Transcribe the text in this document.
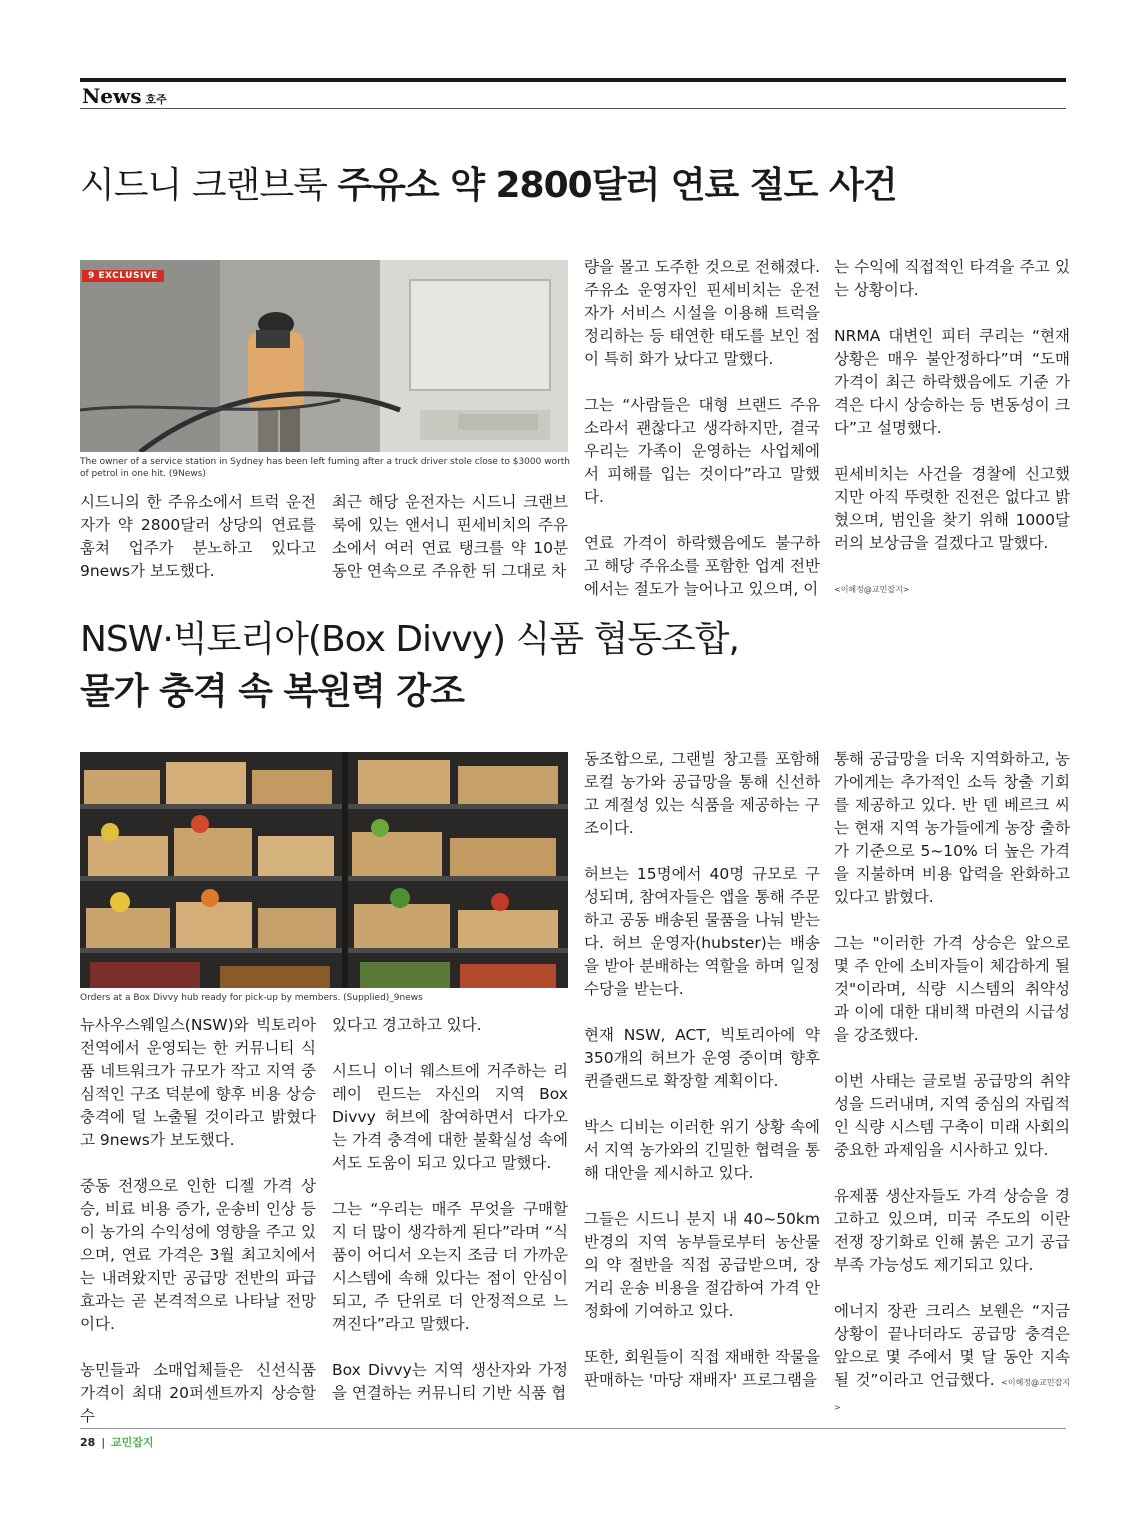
News 호주
시드니 크랜브룩 주유소 약 2800달러 연료 절도 사건
9 EXCLUSIVE
The owner of a service station in Sydney has been left fuming after a truck driver stole close to $3000 worth of petrol in one hit. (9News)

시드니의 한 주유소에서 트럭 운전자가 약 2800달러 상당의 연료를 훔쳐 업주가 분노하고 있다고 9news가 보도했다.

최근 해당 운전자는 시드니 크랜브룩에 있는 앤서니 핀세비치의 주유소에서 여러 연료 탱크를 약 10분 동안 연속으로 주유한 뒤 그대로 차

량을 몰고 도주한 것으로 전해졌다. 주유소 운영자인 핀세비치는 운전자가 서비스 시설을 이용해 트럭을 정리하는 등 태연한 태도를 보인 점이 특히 화가 났다고 말했다.

그는 “사람들은 대형 브랜드 주유소라서 괜찮다고 생각하지만, 결국 우리는 가족이 운영하는 사업체에서 피해를 입는 것이다”라고 말했다.

연료 가격이 하락했음에도 불구하고 해당 주유소를 포함한 업계 전반에서는 절도가 늘어나고 있으며, 이

는 수익에 직접적인 타격을 주고 있는 상황이다.

NRMA 대변인 피터 쿠리는 “현재 상황은 매우 불안정하다”며 “도매 가격이 최근 하락했음에도 기준 가격은 다시 상승하는 등 변동성이 크다”고 설명했다.

핀세비치는 사건을 경찰에 신고했지만 아직 뚜렷한 진전은 없다고 밝혔으며, 범인을 찾기 위해 1000달러의 보상금을 걸겠다고 말했다.

<이혜정@교민잡지>
NSW·빅토리아(Box Divvy) 식품 협동조합,
물가 충격 속 복원력 강조
Orders at a Box Divvy hub ready for pick-up by members. (Supplied)_9news

뉴사우스웨일스(NSW)와 빅토리아 전역에서 운영되는 한 커뮤니티 식품 네트워크가 규모가 작고 지역 중심적인 구조 덕분에 향후 비용 상승 충격에 덜 노출될 것이라고 밝혔다고 9news가 보도했다.

중동 전쟁으로 인한 디젤 가격 상승, 비료 비용 증가, 운송비 인상 등이 농가의 수익성에 영향을 주고 있으며, 연료 가격은 3월 최고치에서는 내려왔지만 공급망 전반의 파급효과는 곧 본격적으로 나타날 전망이다.

농민들과 소매업체들은 신선식품 가격이 최대 20퍼센트까지 상승할 수

있다고 경고하고 있다.

시드니 이너 웨스트에 거주하는 리레이 린드는 자신의 지역 Box Divvy 허브에 참여하면서 다가오는 가격 충격에 대한 불확실성 속에서도 도움이 되고 있다고 말했다.

그는 “우리는 매주 무엇을 구매할지 더 많이 생각하게 된다”라며 “식품이 어디서 오는지 조금 더 가까운 시스템에 속해 있다는 점이 안심이 되고, 주 단위로 더 안정적으로 느껴진다”라고 말했다.

Box Divvy는 지역 생산자와 가정을 연결하는 커뮤니티 기반 식품 협

동조합으로, 그랜빌 창고를 포함해 로컬 농가와 공급망을 통해 신선하고 계절성 있는 식품을 제공하는 구조이다.

허브는 15명에서 40명 규모로 구성되며, 참여자들은 앱을 통해 주문하고 공동 배송된 물품을 나눠 받는다. 허브 운영자(hubster)는 배송을 받아 분배하는 역할을 하며 일정 수당을 받는다.

현재 NSW, ACT, 빅토리아에 약 350개의 허브가 운영 중이며 향후 퀸즐랜드로 확장할 계획이다.

박스 디비는 이러한 위기 상황 속에서 지역 농가와의 긴밀한 협력을 통해 대안을 제시하고 있다.

그들은 시드니 분지 내 40~50km 반경의 지역 농부들로부터 농산물의 약 절반을 직접 공급받으며, 장거리 운송 비용을 절감하여 가격 안정화에 기여하고 있다.

또한, 회원들이 직접 재배한 작물을 판매하는 '마당 재배자' 프로그램을

통해 공급망을 더욱 지역화하고, 농가에게는 추가적인 소득 창출 기회를 제공하고 있다. 반 덴 베르크 씨는 현재 지역 농가들에게 농장 출하가 기준으로 5~10% 더 높은 가격을 지불하며 비용 압력을 완화하고 있다고 밝혔다.

그는 "이러한 가격 상승은 앞으로 몇 주 안에 소비자들이 체감하게 될 것"이라며, 식량 시스템의 취약성과 이에 대한 대비책 마련의 시급성을 강조했다.

이번 사태는 글로벌 공급망의 취약성을 드러내며, 지역 중심의 자립적인 식량 시스템 구축이 미래 사회의 중요한 과제임을 시사하고 있다.

유제품 생산자들도 가격 상승을 경고하고 있으며, 미국 주도의 이란 전쟁 장기화로 인해 붉은 고기 공급 부족 가능성도 제기되고 있다.

에너지 장관 크리스 보웬은 “지금 상황이 끝나더라도 공급망 충격은 앞으로 몇 주에서 몇 달 동안 지속될 것”이라고 언급했다. <이혜정@교민잡지>

28 | 교민잡지
